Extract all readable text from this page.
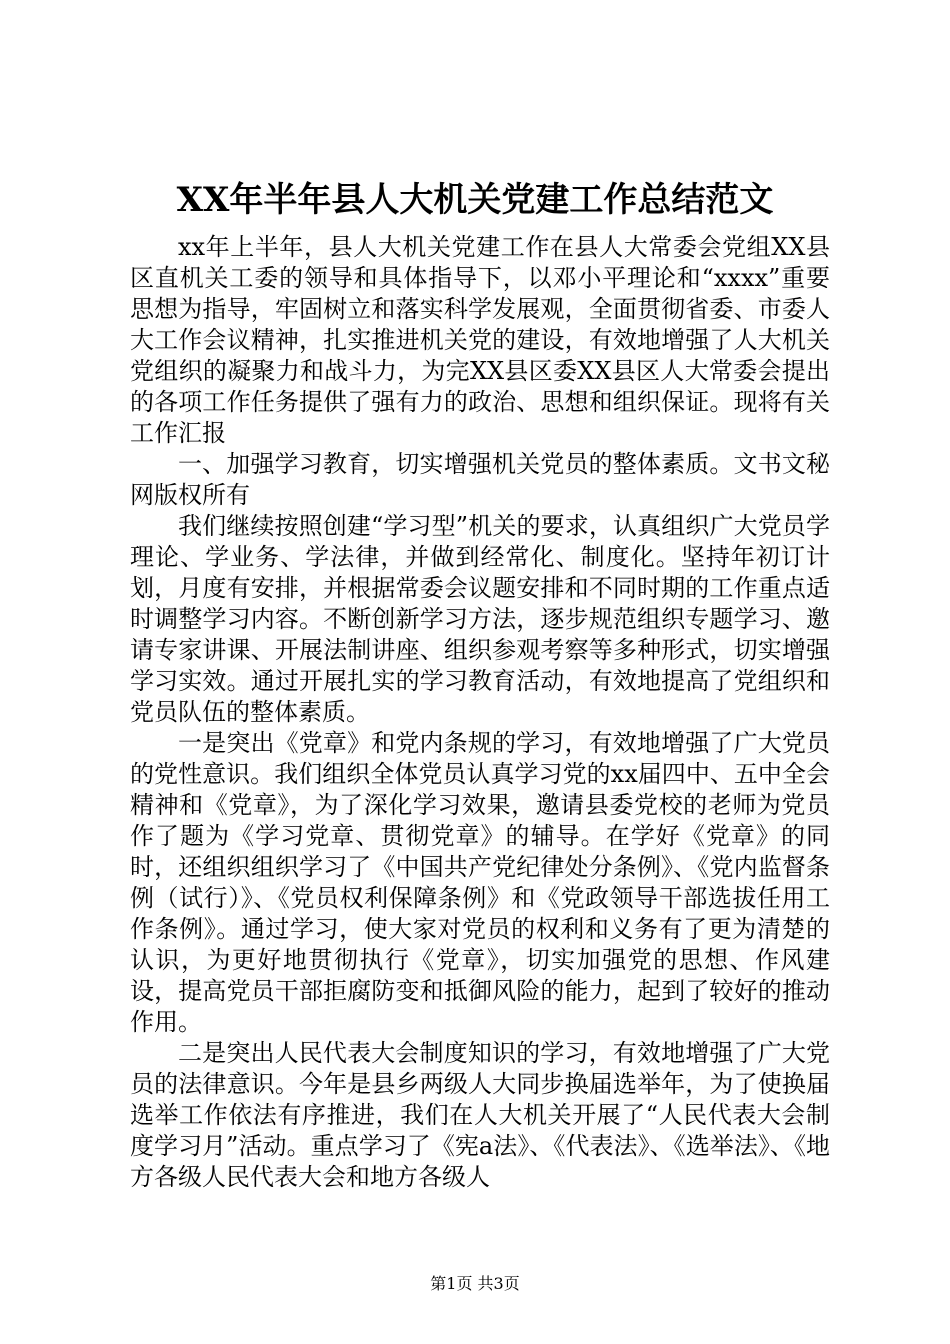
XX年半年县人大机关党建工作总结范文

xx年上半年，县人大机关党建工作在县人大常委会党组XX县区直机关工委的领导和具体指导下，以邓小平理论和“xxxx”重要思想为指导，牢固树立和落实科学发展观，全面贯彻省委、市委人大工作会议精神，扎实推进机关党的建设，有效地增强了人大机关党组织的凝聚力和战斗力，为完XX县区委XX县区人大常委会提出的各项工作任务提供了强有力的政治、思想和组织保证。现将有关工作汇报

一、加强学习教育，切实增强机关党员的整体素质。文书文秘网版权所有

我们继续按照创建“学习型”机关的要求，认真组织广大党员学理论、学业务、学法律，并做到经常化、制度化。坚持年初订计划，月度有安排，并根据常委会议题安排和不同时期的工作重点适时调整学习内容。不断创新学习方法，逐步规范组织专题学习、邀请专家讲课、开展法制讲座、组织参观考察等多种形式，切实增强学习实效。通过开展扎实的学习教育活动，有效地提高了党组织和党员队伍的整体素质。

一是突出《党章》和党内条规的学习，有效地增强了广大党员的党性意识。我们组织全体党员认真学习党的xx届四中、五中全会精神和《党章》，为了深化学习效果，邀请县委党校的老师为党员作了题为《学习党章、贯彻党章》的辅导。在学好《党章》的同时，还组织组织学习了《中国共产党纪律处分条例》、《党内监督条例（试行）》、《党员权利保障条例》和《党政领导干部选拔任用工作条例》。通过学习，使大家对党员的权利和义务有了更为清楚的认识，为更好地贯彻执行《党章》，切实加强党的思想、作风建设，提高党员干部拒腐防变和抵御风险的能力，起到了较好的推动作用。

二是突出人民代表大会制度知识的学习，有效地增强了广大党员的法律意识。今年是县乡两级人大同步换届选举年，为了使换届选举工作依法有序推进，我们在人大机关开展了“人民代表大会制度学习月”活动。重点学习了《宪a法》、《代表法》、《选举法》、《地方各级人民代表大会和地方各级人

第1页 共3页
